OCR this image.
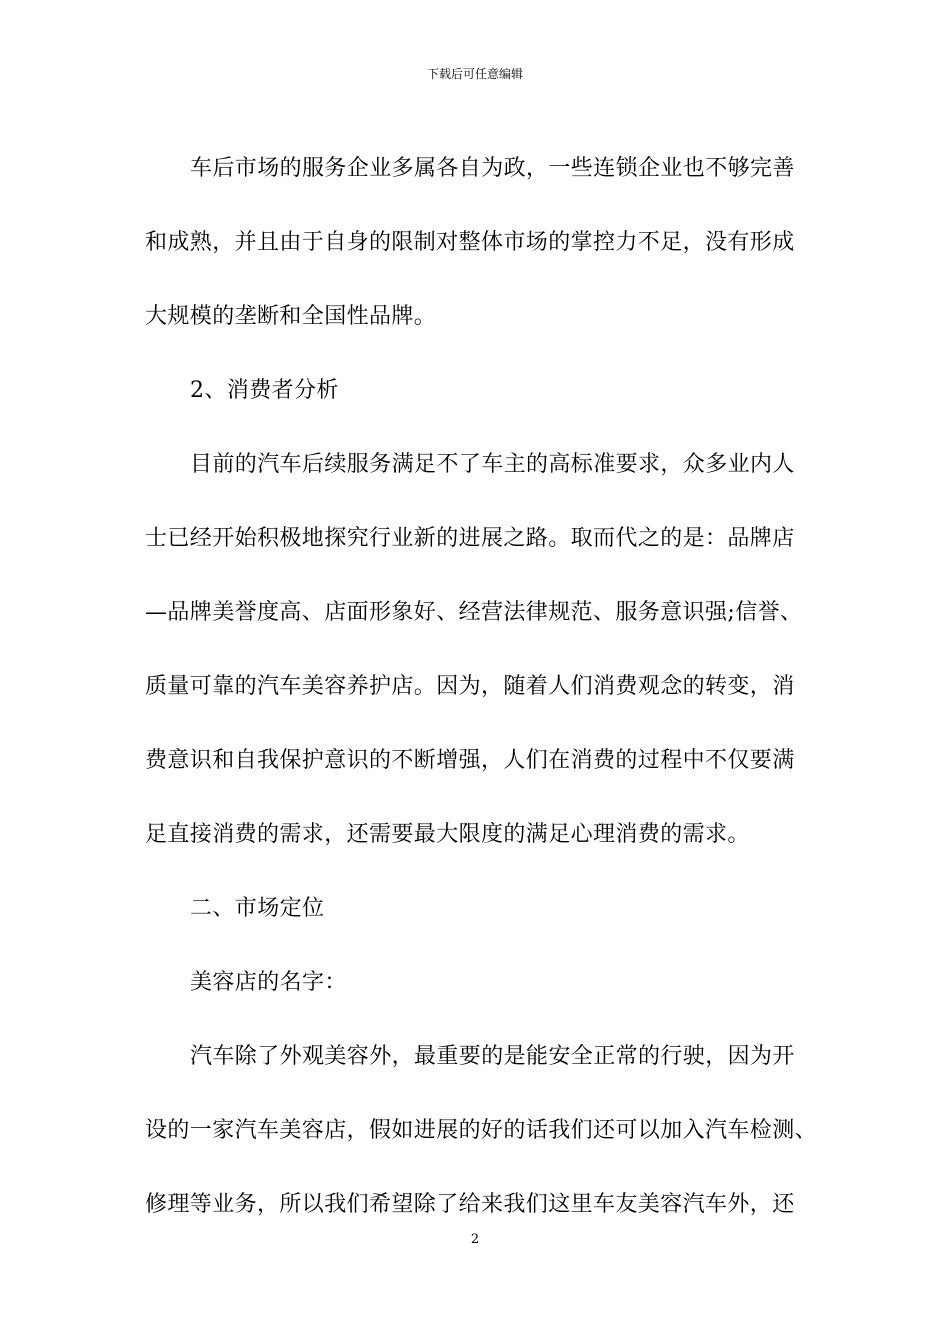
下载后可任意编辑

车后市场的服务企业多属各自为政，一些连锁企业也不够完善
和成熟，并且由于自身的限制对整体市场的掌控力不足，没有形成
大规模的垄断和全国性品牌。

2、消费者分析

目前的汽车后续服务满足不了车主的高标准要求，众多业内人
士已经开始积极地探究行业新的进展之路。取而代之的是：品牌店
—品牌美誉度高、店面形象好、经营法律规范、服务意识强;信誉、
质量可靠的汽车美容养护店。因为，随着人们消费观念的转变，消
费意识和自我保护意识的不断增强，人们在消费的过程中不仅要满
足直接消费的需求，还需要最大限度的满足心理消费的需求。

二、市场定位

美容店的名字：

汽车除了外观美容外，最重要的是能安全正常的行驶，因为开
设的一家汽车美容店，假如进展的好的话我们还可以加入汽车检测、
修理等业务，所以我们希望除了给来我们这里车友美容汽车外，还

2
